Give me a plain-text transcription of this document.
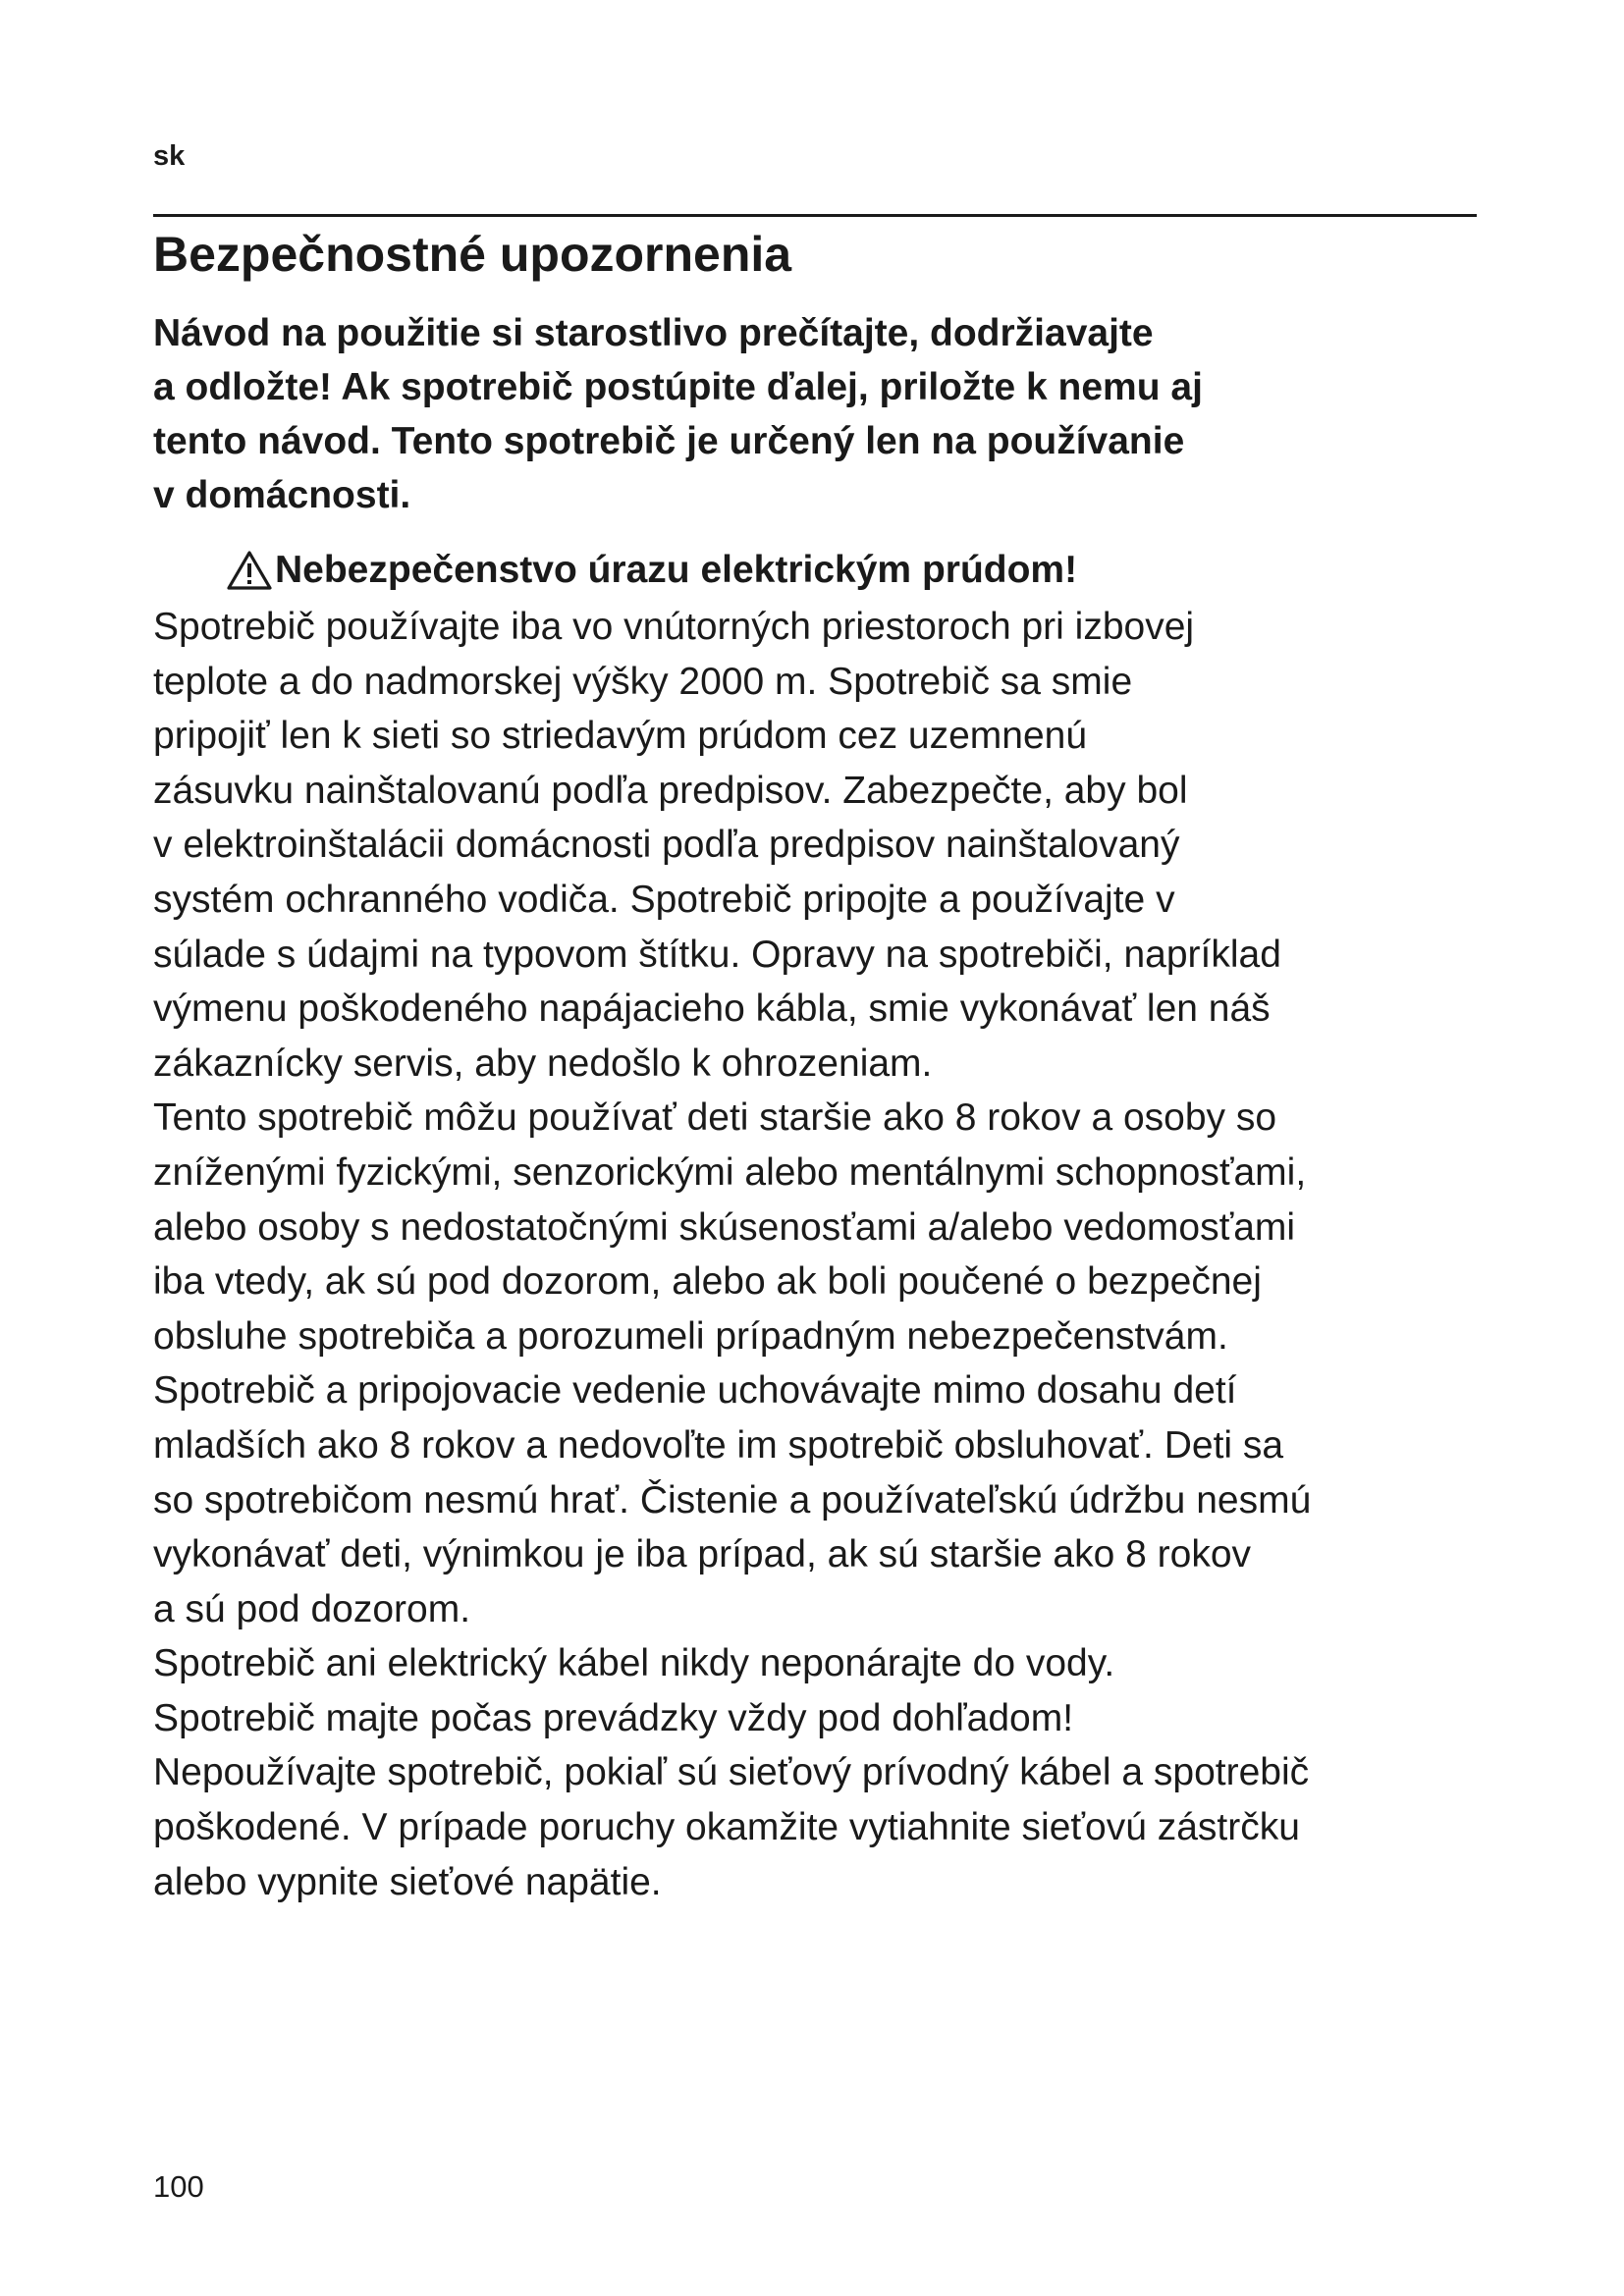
sk

Bezpečnostné upozornenia

Návod na použitie si starostlivo prečítajte, dodržiavajte
a odložte! Ak spotrebič postúpite ďalej, priložte k nemu aj
tento návod. Tento spotrebič je určený len na používanie
v domácnosti.

Nebezpečenstvo úrazu elektrickým prúdom!

Spotrebič používajte iba vo vnútorných priestoroch pri izbovej
teplote a do nadmorskej výšky 2000 m. Spotrebič sa smie
pripojiť len k sieti so striedavým prúdom cez uzemnenú
zásuvku nainštalovanú podľa predpisov. Zabezpečte, aby bol
v elektroinštalácii domácnosti podľa predpisov nainštalovaný
systém ochranného vodiča. Spotrebič pripojte a používajte v
súlade s údajmi na typovom štítku. Opravy na spotrebiči, napríklad
výmenu poškodeného napájacieho kábla, smie vykonávať len náš
zákaznícky servis, aby nedošlo k ohrozeniam.
Tento spotrebič môžu používať deti staršie ako 8 rokov a osoby so
zníženými fyzickými, senzorickými alebo mentálnymi schopnosťami,
alebo osoby s nedostatočnými skúsenosťami a/alebo vedomosťami
iba vtedy, ak sú pod dozorom, alebo ak boli poučené o bezpečnej
obsluhe spotrebiča a porozumeli prípadným nebezpečenstvám.
Spotrebič a pripojovacie vedenie uchovávajte mimo dosahu detí
mladších ako 8 rokov a nedovoľte im spotrebič obsluhovať. Deti sa
so spotrebičom nesmú hrať. Čistenie a používateľskú údržbu nesmú
vykonávať deti, výnimkou je iba prípad, ak sú staršie ako 8 rokov
a sú pod dozorom.
Spotrebič ani elektrický kábel nikdy neponárajte do vody.
Spotrebič majte počas prevádzky vždy pod dohľadom!
Nepoužívajte spotrebič, pokiaľ sú sieťový prívodný kábel a spotrebič
poškodené. V prípade poruchy okamžite vytiahnite sieťovú zástrčku
alebo vypnite sieťové napätie.

100
